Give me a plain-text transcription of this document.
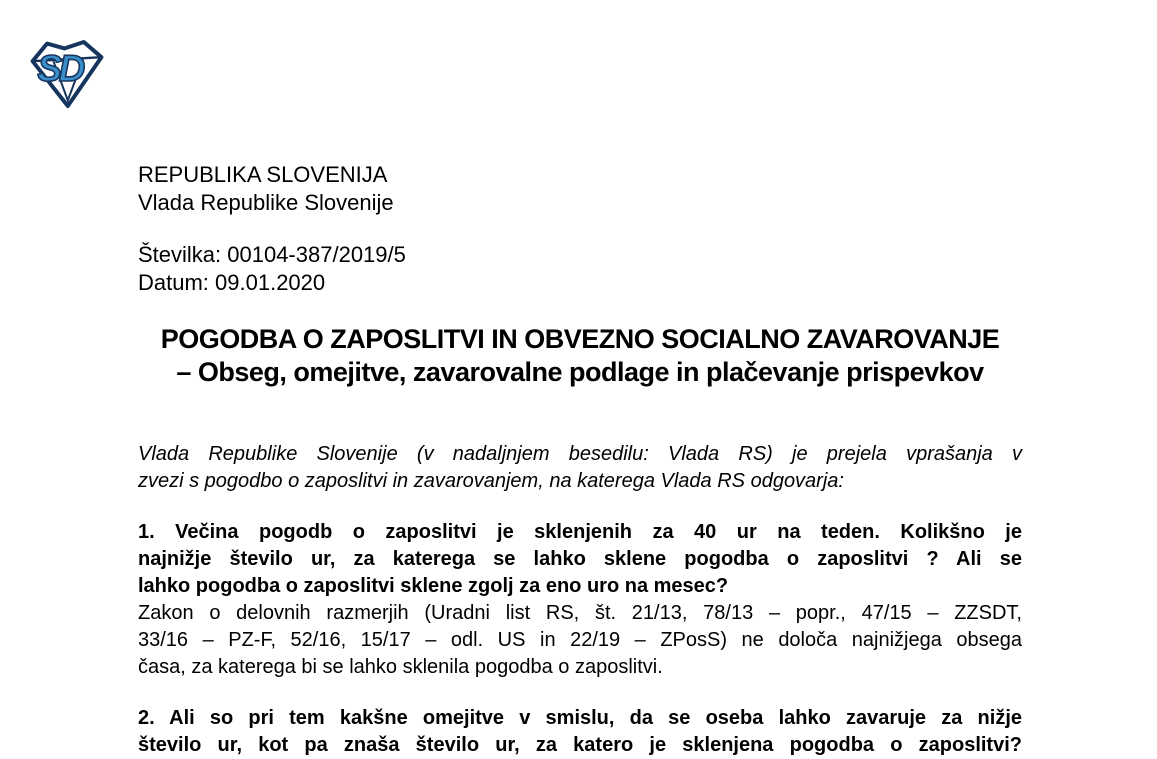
SD
REPUBLIKA SLOVENIJA
Vlada Republike Slovenije
Številka: 00104-387/2019/5
Datum: 09.01.2020
POGODBA O ZAPOSLITVI IN OBVEZNO SOCIALNO ZAVAROVANJE
– Obseg, omejitve, zavarovalne podlage in plačevanje prispevkov
Vlada Republike Slovenije (v nadaljnjem besedilu: Vlada RS) je prejela vprašanja v
zvezi s pogodbo o zaposlitvi in zavarovanjem, na katerega Vlada RS odgovarja:
1. Večina pogodb o zaposlitvi je sklenjenih za 40 ur na teden. Kolikšno je
najnižje število ur, za katerega se lahko sklene pogodba o zaposlitvi ? Ali se
lahko pogodba o zaposlitvi sklene zgolj za eno uro na mesec?
Zakon o delovnih razmerjih (Uradni list RS, št. 21/13, 78/13 – popr., 47/15 – ZZSDT,
33/16 – PZ-F, 52/16, 15/17 – odl. US in 22/19 – ZPosS) ne določa najnižjega obsega
časa, za katerega bi se lahko sklenila pogodba o zaposlitvi.
2. Ali so pri tem kakšne omejitve v smislu, da se oseba lahko zavaruje za nižje
število ur, kot pa znaša število ur, za katero je sklenjena pogodba o zaposlitvi?
